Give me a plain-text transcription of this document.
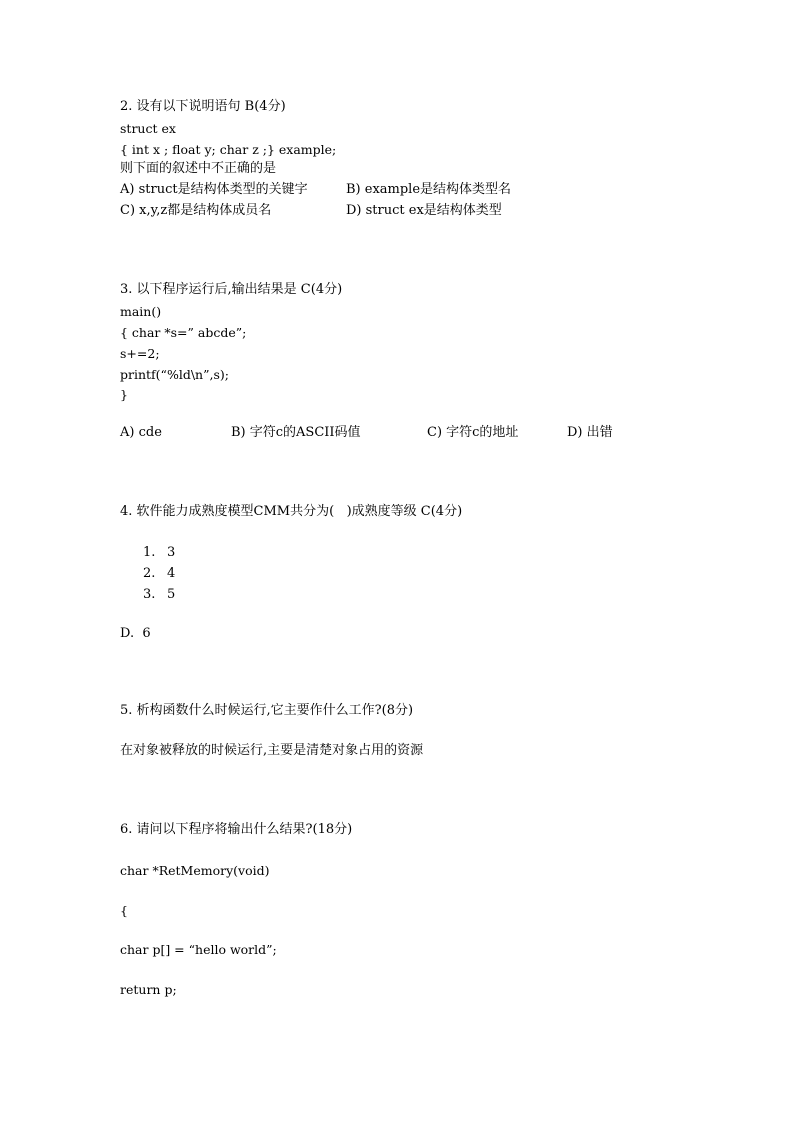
2. 设有以下说明语句 B(4分)
struct ex
{ int x ; float y; char z ;} example;
则下面的叙述中不正确的是
A) struct是结构体类型的关键字	B) example是结构体类型名
C) x,y,z都是结构体成员名	D) struct ex是结构体类型
3. 以下程序运行后,输出结果是 C(4分)
main()
{ char *s=” abcde”;
s+=2;
printf(“%ld\n”,s);
}
A) cde	B) 字符c的ASCII码值	C) 字符c的地址	D) 出错
4. 软件能力成熟度模型CMM共分为(   )成熟度等级 C(4分)
1. 3
2. 4
3. 5
D.  6
5. 析构函数什么时候运行,它主要作什么工作?(8分)
在对象被释放的时候运行,主要是清楚对象占用的资源
6. 请问以下程序将输出什么结果?(18分)
char *RetMemory(void)
{
char p[] = “hello world”;
return p;
